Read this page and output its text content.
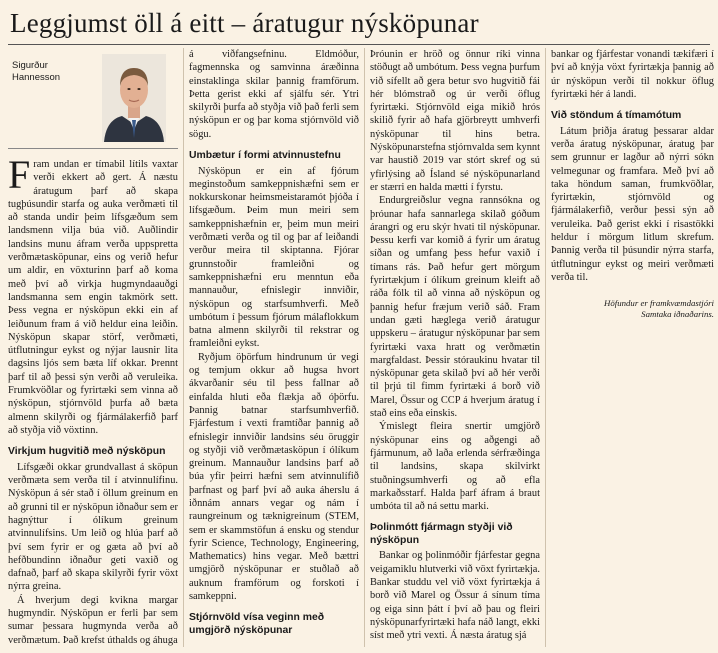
Leggjumst öll á eitt – áratugur nýsköpunar
Sigurður
Hannesson

Fram undan er tímabil lítils vaxtar verði ekkert að gert. Á næstu áratugum þarf að skapa tugþúsundir starfa og auka verðmæti til að standa undir þeim lífsgæðum sem landsmenn vilja búa við. Auðlindir landsins munu áfram verða uppspretta verðmætasköpunar, eins og verið hefur um aldir, en vöxturinn þarf að koma með því að virkja hugmyndaauðgi landsmanna sem engin takmörk sett. Þess vegna er nýsköpun ekki ein af leiðunum fram á við heldur eina leiðin. Nýsköpun skapar störf, verðmæti, útflutningur eykst og nýjar lausnir lita dagsins ljós sem bæta líf okkar. Þrennt þarf til að þessi sýn verði að veruleika. Frumkvöðlar og fyrirtæki sem vinna að nýsköpun, stjórnvöld þurfa að bæta almenn skilyrði og fjármálakerfið þarf að styðja við vöxtinn.

Virkjum hugvitið með nýsköpun

Lífsgæði okkar grundvallast á sköpun verðmæta sem verða til í atvinnulífinu. Nýsköpun á sér stað í öllum greinum en að grunni til er nýsköpun iðnaður sem er hagnýttur í ólíkum greinum atvinnulífsins. Um leið og hlúa þarf að því sem fyrir er og gæta að því að hefðbundinn iðnaður geti vaxið og dafnað, þarf að skapa skilyrði fyrir vöxt nýrra greina.

Á hverjum degi kvikna margar hugmyndir. Nýsköpun er ferli þar sem sumar þessara hugmynda verða að verðmætum. Það krefst úthalds og áhuga

á viðfangsefninu. Eldmóður, fagmennska og samvinna áræðinna einstaklinga skilar þannig framförum. Þetta gerist ekki af sjálfu sér. Ytri skilyrði þurfa að styðja við það ferli sem nýsköpun er og þar koma stjórnvöld við sögu.

Umbætur í formi atvinnustefnu

Nýsköpun er ein af fjórum meginstoðum samkeppnishæfni sem er nokkurskonar heimsmeistaramót þjóða í lífsgæðum. Þeim mun meiri sem samkeppnishæfnin er, þeim mun meiri verðmæti verða og til og þar af leiðandi verður meira til skiptanna. Fjórar grunnstoðir framleiðni og samkeppnishæfni eru menntun eða mannauður, efnislegir innviðir, nýsköpun og starfsumhverfi. Með umbótum í þessum fjórum málaflokkum batna almenn skilyrði til rekstrar og framleiðni eykst.

Ryðjum öþörfum hindrunum úr vegi og temjum okkur að hugsa hvort ákvarðanir séu til þess fallnar að einfalda hluti eða flækja að óþörfu. Þannig batnar starfsumhverfið. Fjárfestum í vexti framtíðar þannig að efnislegir innviðir landsins séu öruggir og styðji við verðmætasköpun í ólíkum greinum. Mannauður landsins þarf að búa yfir þeirri hæfni sem atvinnulífið þarfnast og þarf því að auka áherslu á iðnnám annars vegar og nám í raungreinum og tæknigreinum (STEM, sem er skammstöfun á ensku og stendur fyrir Science, Technology, Engineering, Mathematics) hins vegar. Með bættri umgjörð nýsköpunar er stuðlað að auknum framförum og forskoti í samkeppni.

Stjórnvöld vísa veginn með umgjörð nýsköpunar

Þróunin er hröð og önnur ríki vinna stöðugt að umbótum. Þess vegna þurfum við sífellt að gera betur svo hugvitið fái hér blómstrað og úr verði öflug fyrirtæki. Stjórnvöld eiga mikið hrós skilið fyrir að hafa gjörbreytt umhverfi nýsköpunar til hins betra. Nýsköpunarstefna stjórnvalda sem kynnt var haustið 2019 var stórt skref og sú yfirlýsing að Ísland sé nýsköpunarland er stærri en halda mætti í fyrstu.

Endurgreiðslur vegna rannsókna og þróunar hafa sannarlega skilað góðum árangri og eru skýr hvati til nýsköpunar. Þessu kerfi var komið á fyrir um áratug síðan og umfang þess hefur vaxið í tímans rás. Það hefur gert mörgum fyrirtækjum í ólíkum greinum kleift að ráða fólk til að vinna að nýsköpun og þannig hefur fræjum verið sáð. Fram undan gæti hæglega verið áratugur uppskeru – áratugur nýsköpunar þar sem fyrirtæki vaxa hratt og verðmætin margfaldast. Þessir stóraukinu hvatar til nýsköpunar geta skilað því að hér verði til þrjú til fimm fyrirtæki á borð við Marel, Össur og CCP á hverjum áratug í stað eins eða einskis.

Ýmislegt fleira snertir umgjörð nýsköpunar eins og aðgengi að fjármunum, að laða erlenda sérfræðinga til landsins, skapa skilvirkt stuðningsumhverfi og að efla markaðsstarf. Halda þarf áfram á braut umbóta til að ná settu marki.

Þolinmótt fjármagn styðji við nýsköpun

Bankar og þolinmóðir fjárfestar gegna veigamiklu hlutverki við vöxt fyrirtækja. Bankar studdu vel við vöxt fyrirtækja á borð við Marel og Össur á sínum tíma og eiga sinn þátt í því að þau og fleiri nýsköpunarfyrirtæki hafa náð langt, ekki síst með ytri vexti. Á næsta áratug sjá

bankar og fjárfestar vonandi tækifæri í því að knýja vöxt fyrirtækja þannig að úr nýsköpun verði til nokkur öflug fyrirtæki hér á landi.

Við stöndum á tímamótum

Látum þriðja áratug þessarar aldar verða áratug nýsköpunar, áratug þar sem grunnur er lagður að nýrri sókn velmegunar og framfara. Með því að taka höndum saman, frumkvöðlar, fyrirtækin, stjórnvöld og fjármálakerfið, verður þessi sýn að veruleika. Það gerist ekki í risastökki heldur í mörgum litlum skrefum. Þannig verða til þúsundir nýrra starfa, útflutningur eykst og meiri verðmæti verða til.

Höfundur er framkvæmdastjóri
Samtaka iðnaðarins.
